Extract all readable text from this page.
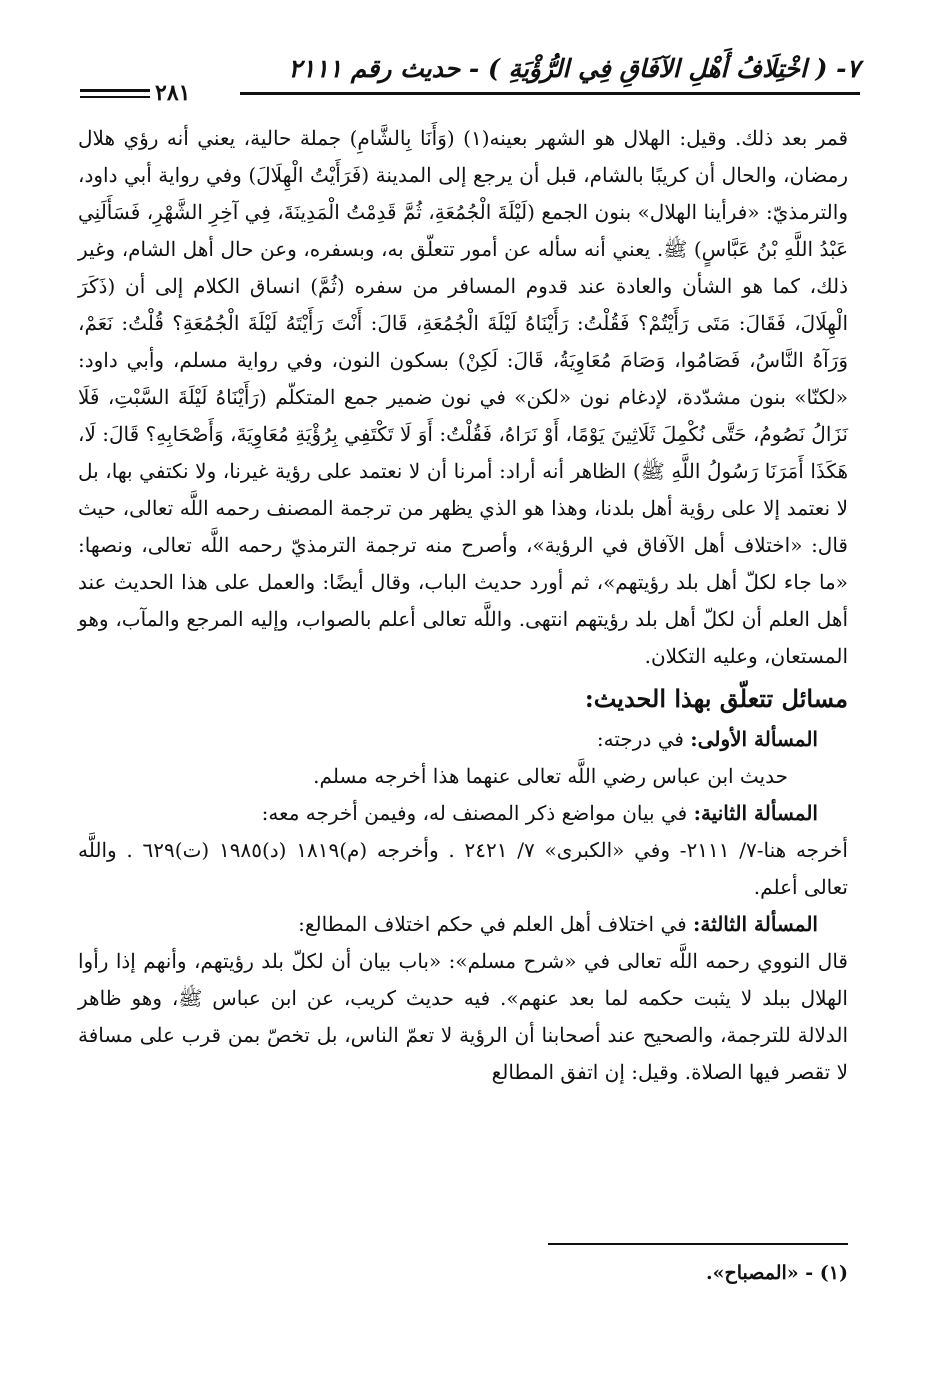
٧- ( اخْتِلَافُ أَهْلِ الآفَاقِ فِي الرُّؤْيَةِ ) - حديث رقم ٢١١١
٢٨١

قمر بعد ذلك. وقيل: الهلال هو الشهر بعينه(١) (وَأَنَا بِالشَّامِ) جملة حالية، يعني أنه رؤي هلال رمضان، والحال أن كريبًا بالشام، قبل أن يرجع إلى المدينة (فَرَأَيْتُ الْهِلَالَ) وفي رواية أبي داود، والترمذيّ: «فرأينا الهلال» بنون الجمع (لَيْلَةَ الْجُمُعَةِ، ثُمَّ قَدِمْتُ الْمَدِينَةَ، فِي آخِرِ الشَّهْرِ، فَسَأَلَنِي عَبْدُ اللَّهِ بْنُ عَبَّاسٍ) ﷺ. يعني أنه سأله عن أمور تتعلّق به، وبسفره، وعن حال أهل الشام، وغير ذلك، كما هو الشأن والعادة عند قدوم المسافر من سفره (ثُمَّ) انساق الكلام إلى أن (ذَكَرَ الْهِلَالَ، فَقَالَ: مَتَى رَأَيْتُمْ؟ فَقُلْتُ: رَأَيْنَاهُ لَيْلَةَ الْجُمُعَةِ، قَالَ: أَنْتَ رَأَيْتَهُ لَيْلَةَ الْجُمُعَةِ؟ قُلْتُ: نَعَمْ، وَرَآهُ النَّاسُ، فَصَامُوا، وَصَامَ مُعَاوِيَةُ، قَالَ: لَكِنْ) بسكون النون، وفي رواية مسلم، وأبي داود: «لكنّا» بنون مشدّدة، لإدغام نون «لكن» في نون ضمير جمع المتكلّم (رَأَيْنَاهُ لَيْلَةَ السَّبْتِ، فَلَا نَزَالُ نَصُومُ، حَتَّى نُكْمِلَ ثَلَاثِينَ يَوْمًا، أَوْ نَرَاهُ، فَقُلْتُ: أَوَ لَا تَكْتَفِي بِرُؤْيَةِ مُعَاوِيَةَ، وَأَصْحَابِهِ؟ قَالَ: لَا، هَكَذَا أَمَرَنَا رَسُولُ اللَّهِ ﷺ) الظاهر أنه أراد: أمرنا أن لا نعتمد على رؤية غيرنا، ولا نكتفي بها، بل لا نعتمد إلا على رؤية أهل بلدنا، وهذا هو الذي يظهر من ترجمة المصنف رحمه اللَّه تعالى، حيث قال: «اختلاف أهل الآفاق في الرؤية»، وأصرح منه ترجمة الترمذيّ رحمه اللَّه تعالى، ونصها: «ما جاء لكلّ أهل بلد رؤيتهم»، ثم أورد حديث الباب، وقال أيضًا: والعمل على هذا الحديث عند أهل العلم أن لكلّ أهل بلد رؤيتهم انتهى. واللَّه تعالى أعلم بالصواب، وإليه المرجع والمآب، وهو المستعان، وعليه التكلان.

مسائل تتعلّق بهذا الحديث:

المسألة الأولى: في درجته:

حديث ابن عباس رضي اللَّه تعالى عنهما هذا أخرجه مسلم.

المسألة الثانية: في بيان مواضع ذكر المصنف له، وفيمن أخرجه معه:

أخرجه هنا-٧/ ٢١١١- وفي «الكبرى» ٧/ ٢٤٢١ . وأخرجه (م)١٨١٩ (د)١٩٨٥ (ت)٦٢٩ . واللَّه تعالى أعلم.

المسألة الثالثة: في اختلاف أهل العلم في حكم اختلاف المطالع:

قال النووي رحمه اللَّه تعالى في «شرح مسلم»: «باب بيان أن لكلّ بلد رؤيتهم، وأنهم إذا رأوا الهلال ببلد لا يثبت حكمه لما بعد عنهم». فيه حديث كريب، عن ابن عباس ﷺ، وهو ظاهر الدلالة للترجمة، والصحيح عند أصحابنا أن الرؤية لا تعمّ الناس، بل تخصّ بمن قرب على مسافة لا تقصر فيها الصلاة. وقيل: إن اتفق المطالع

(١) - «المصباح».
